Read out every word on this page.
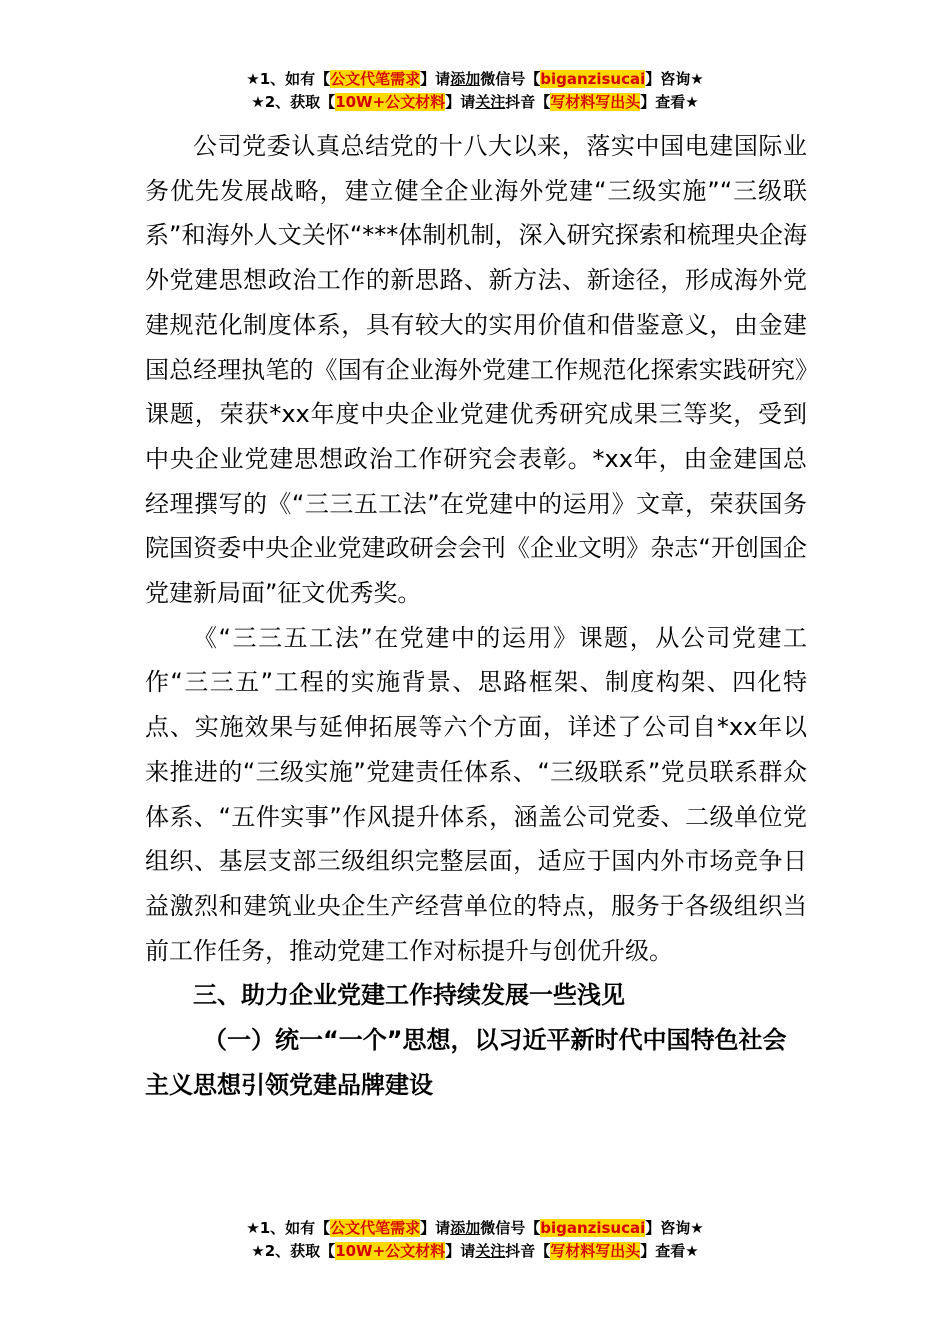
★1、如有【公文代笔需求】请添加微信号【biganzisucai】咨询★
★2、获取【10W+公文材料】请关注抖音【写材料写出头】查看★

公司党委认真总结党的十八大以来，落实中国电建国际业务优先发展战略，建立健全企业海外党建“三级实施”“三级联系”和海外人文关怀“***体制机制，深入研究探索和梳理央企海外党建思想政治工作的新思路、新方法、新途径，形成海外党建规范化制度体系，具有较大的实用价值和借鉴意义，由金建国总经理执笔的《国有企业海外党建工作规范化探索实践研究》课题，荣获*xx年度中央企业党建优秀研究成果三等奖，受到中央企业党建思想政治工作研究会表彰。*xx年，由金建国总经理撰写的《“三三五工法”在党建中的运用》文章，荣获国务院国资委中央企业党建政研会会刊《企业文明》杂志“开创国企党建新局面”征文优秀奖。

《“三三五工法”在党建中的运用》课题，从公司党建工作“三三五”工程的实施背景、思路框架、制度构架、四化特点、实施效果与延伸拓展等六个方面，详述了公司自*xx年以来推进的“三级实施”党建责任体系、“三级联系”党员联系群众体系、“五件实事”作风提升体系，涵盖公司党委、二级单位党组织、基层支部三级组织完整层面，适应于国内外市场竞争日益激烈和建筑业央企生产经营单位的特点，服务于各级组织当前工作任务，推动党建工作对标提升与创优升级。

三、助力企业党建工作持续发展一些浅见

（一）统一“一个”思想，以习近平新时代中国特色社会主义思想引领党建品牌建设

★1、如有【公文代笔需求】请添加微信号【biganzisucai】咨询★
★2、获取【10W+公文材料】请关注抖音【写材料写出头】查看★
